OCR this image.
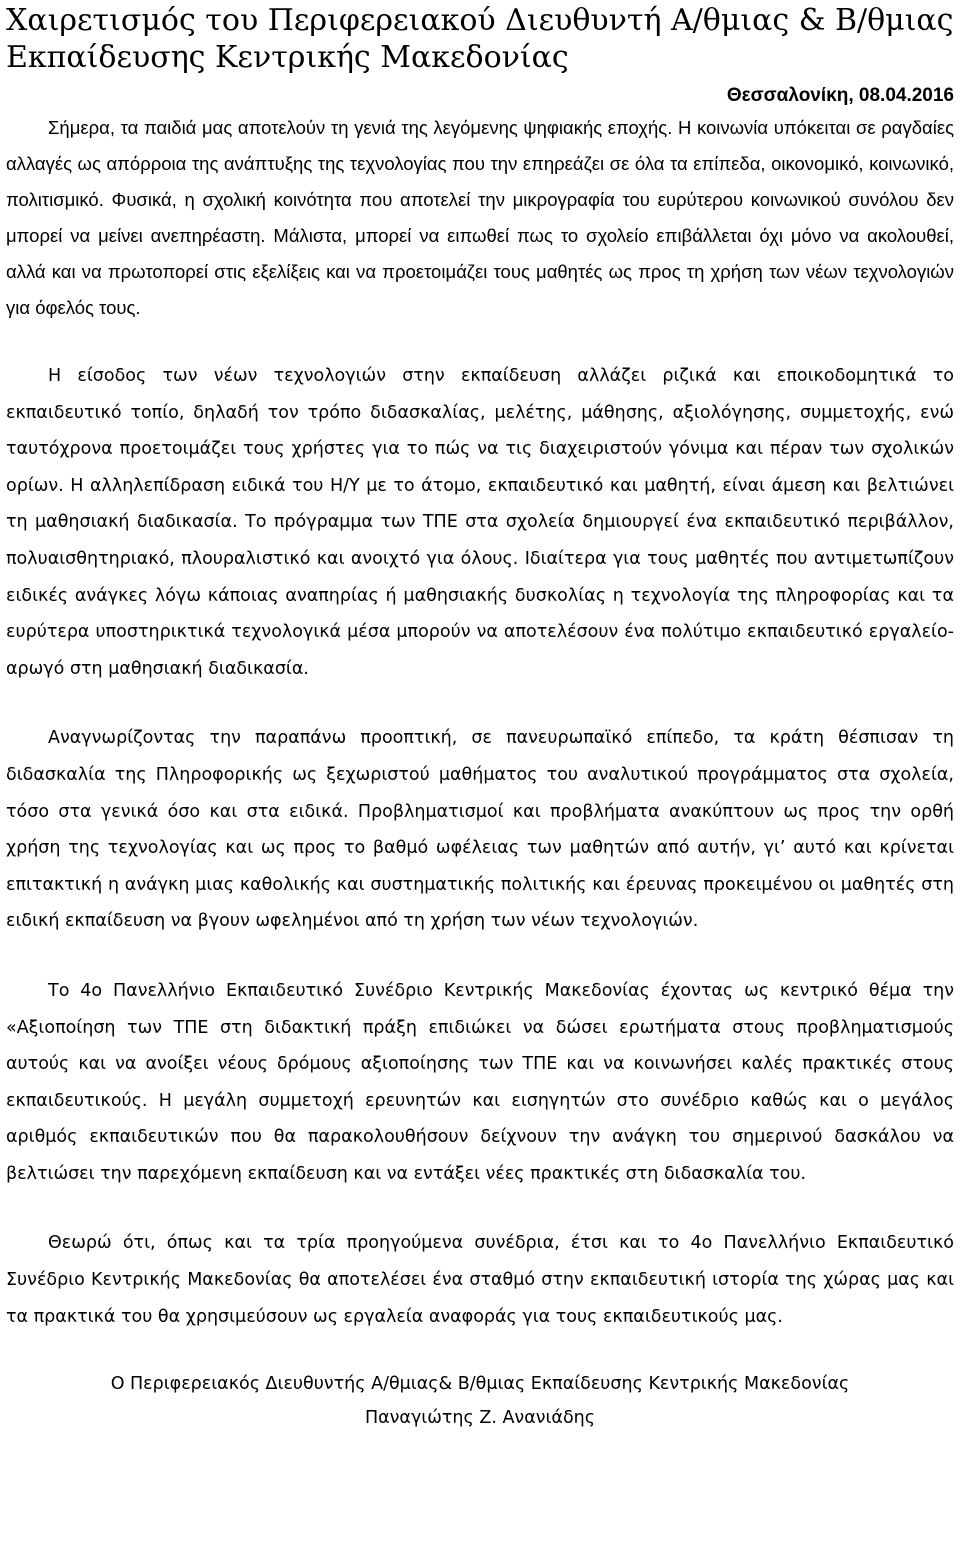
Χαιρετισμός του Περιφερειακού Διευθυντή Α/θμιας & Β/θμιας Εκπαίδευσης Κεντρικής Μακεδονίας

Θεσσαλονίκη, 08.04.2016

Σήμερα, τα παιδιά μας αποτελούν τη γενιά της λεγόμενης ψηφιακής εποχής. Η κοινωνία υπόκειται σε ραγδαίες αλλαγές ως απόρροια της ανάπτυξης της τεχνολογίας που την επηρεάζει σε όλα τα επίπεδα, οικονομικό, κοινωνικό, πολιτισμικό. Φυσικά, η σχολική κοινότητα που αποτελεί την μικρογραφία του ευρύτερου κοινωνικού συνόλου δεν μπορεί να μείνει ανεπηρέαστη. Μάλιστα, μπορεί να ειπωθεί πως το σχολείο επιβάλλεται όχι μόνο να ακολουθεί, αλλά και να πρωτοπορεί στις εξελίξεις και να προετοιμάζει τους μαθητές ως προς τη χρήση των νέων τεχνολογιών για όφελός τους.

Η είσοδος των νέων τεχνολογιών στην εκπαίδευση αλλάζει ριζικά και εποικοδομητικά το εκπαιδευτικό τοπίο, δηλαδή τον τρόπο διδασκαλίας, μελέτης, μάθησης, αξιολόγησης, συμμετοχής, ενώ ταυτόχρονα προετοιμάζει τους χρήστες για το πώς να τις διαχειριστούν γόνιμα και πέραν των σχολικών ορίων. Η αλληλεπίδραση ειδικά του Η/Υ με το άτομο, εκπαιδευτικό και μαθητή, είναι άμεση και βελτιώνει τη μαθησιακή διαδικασία. Το πρόγραμμα των ΤΠΕ στα σχολεία δημιουργεί ένα εκπαιδευτικό περιβάλλον, πολυαισθητηριακό, πλουραλιστικό και ανοιχτό για όλους. Ιδιαίτερα για τους μαθητές που αντιμετωπίζουν ειδικές ανάγκες λόγω κάποιας αναπηρίας ή μαθησιακής δυσκολίας η τεχνολογία της πληροφορίας και τα ευρύτερα υποστηρικτικά τεχνολογικά μέσα μπορούν να αποτελέσουν ένα πολύτιμο εκπαιδευτικό εργαλείο-αρωγό στη μαθησιακή διαδικασία.

Αναγνωρίζοντας την παραπάνω προοπτική, σε πανευρωπαϊκό επίπεδο, τα κράτη θέσπισαν τη διδασκαλία της Πληροφορικής ως ξεχωριστού μαθήματος του αναλυτικού προγράμματος στα σχολεία, τόσο στα γενικά όσο και στα ειδικά. Προβληματισμοί και προβλήματα ανακύπτουν ως προς την ορθή χρήση της τεχνολογίας και ως προς το βαθμό ωφέλειας των μαθητών από αυτήν, γι’ αυτό και κρίνεται επιτακτική η ανάγκη μιας καθολικής και συστηματικής πολιτικής και έρευνας προκειμένου οι μαθητές στη ειδική εκπαίδευση να βγουν ωφελημένοι από τη χρήση των νέων τεχνολογιών.

Το 4ο Πανελλήνιο Εκπαιδευτικό Συνέδριο Κεντρικής Μακεδονίας έχοντας ως κεντρικό θέμα την «Αξιοποίηση των ΤΠΕ στη διδακτική πράξη επιδιώκει να δώσει ερωτήματα στους προβληματισμούς αυτούς και να ανοίξει νέους δρόμους αξιοποίησης των ΤΠΕ και να κοινωνήσει καλές πρακτικές στους εκπαιδευτικούς. Η μεγάλη συμμετοχή ερευνητών και εισηγητών στο συνέδριο καθώς και ο μεγάλος αριθμός εκπαιδευτικών που θα παρακολουθήσουν δείχνουν την ανάγκη του σημερινού δασκάλου να βελτιώσει την παρεχόμενη εκπαίδευση και να εντάξει νέες πρακτικές στη διδασκαλία του.

Θεωρώ ότι, όπως και τα τρία προηγούμενα συνέδρια, έτσι και το 4ο Πανελλήνιο Εκπαιδευτικό Συνέδριο Κεντρικής Μακεδονίας θα αποτελέσει ένα σταθμό στην εκπαιδευτική ιστορία της χώρας μας και τα πρακτικά του θα χρησιμεύσουν ως εργαλεία αναφοράς για τους εκπαιδευτικούς μας.

Ο Περιφερειακός Διευθυντής Α/θμιας& Β/θμιας Εκπαίδευσης Κεντρικής Μακεδονίας
Παναγιώτης Ζ. Ανανιάδης
